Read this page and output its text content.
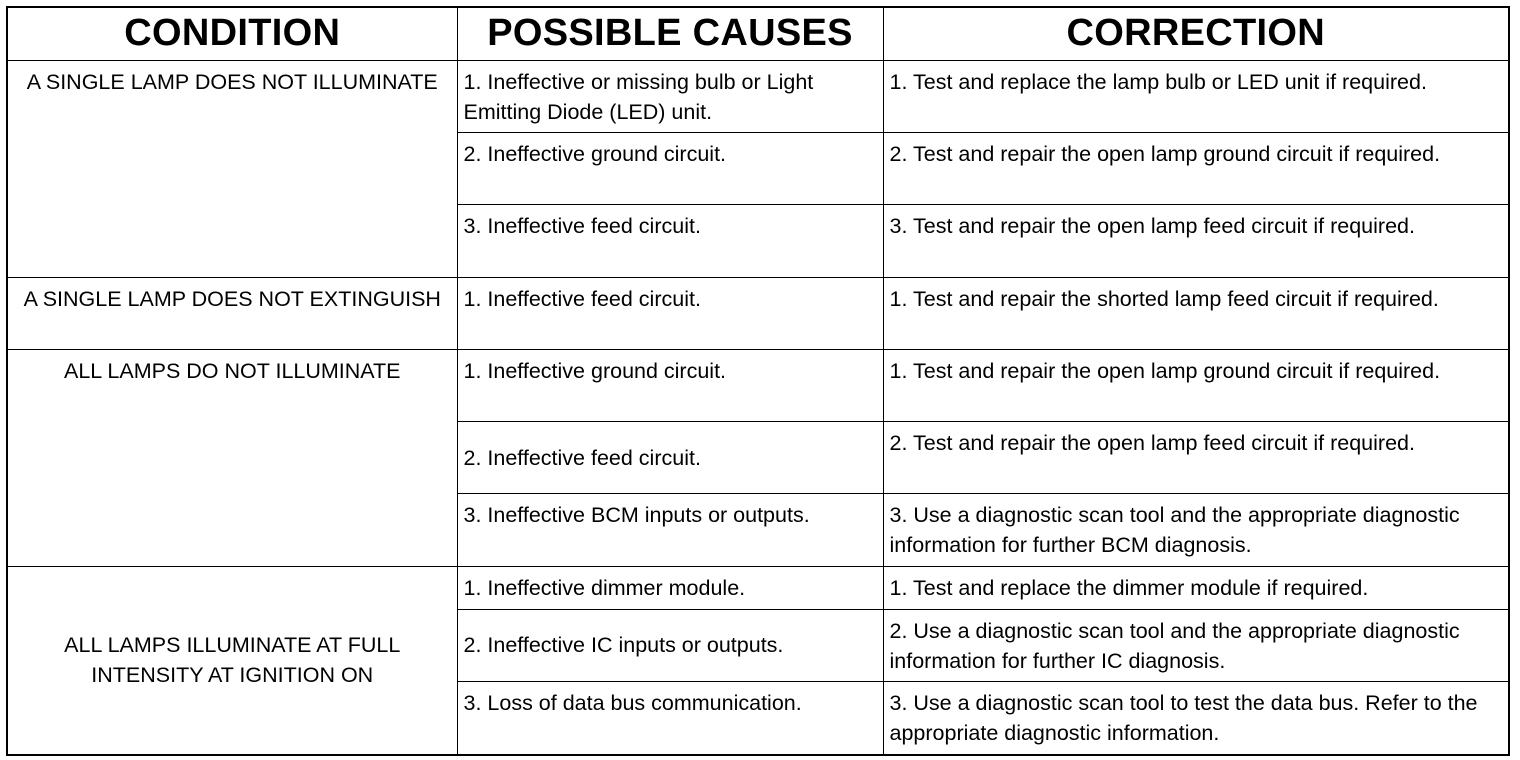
CONDITION	POSSIBLE CAUSES	CORRECTION
A SINGLE LAMP DOES NOT ILLUMINATE	1. Ineffective or missing bulb or Light Emitting Diode (LED) unit.	1. Test and replace the lamp bulb or LED unit if required.
	2. Ineffective ground circuit.	2. Test and repair the open lamp ground circuit if required.
	3. Ineffective feed circuit.	3. Test and repair the open lamp feed circuit if required.
A SINGLE LAMP DOES NOT EXTINGUISH	1. Ineffective feed circuit.	1. Test and repair the shorted lamp feed circuit if required.
ALL LAMPS DO NOT ILLUMINATE	1. Ineffective ground circuit.	1. Test and repair the open lamp ground circuit if required.
	2. Ineffective feed circuit.	2. Test and repair the open lamp feed circuit if required.
	3. Ineffective BCM inputs or outputs.	3. Use a diagnostic scan tool and the appropriate diagnostic information for further BCM diagnosis.
ALL LAMPS ILLUMINATE AT FULL INTENSITY AT IGNITION ON	1. Ineffective dimmer module.	1. Test and replace the dimmer module if required.
	2. Ineffective IC inputs or outputs.	2. Use a diagnostic scan tool and the appropriate diagnostic information for further IC diagnosis.
	3. Loss of data bus communication.	3. Use a diagnostic scan tool to test the data bus. Refer to the appropriate diagnostic information.
